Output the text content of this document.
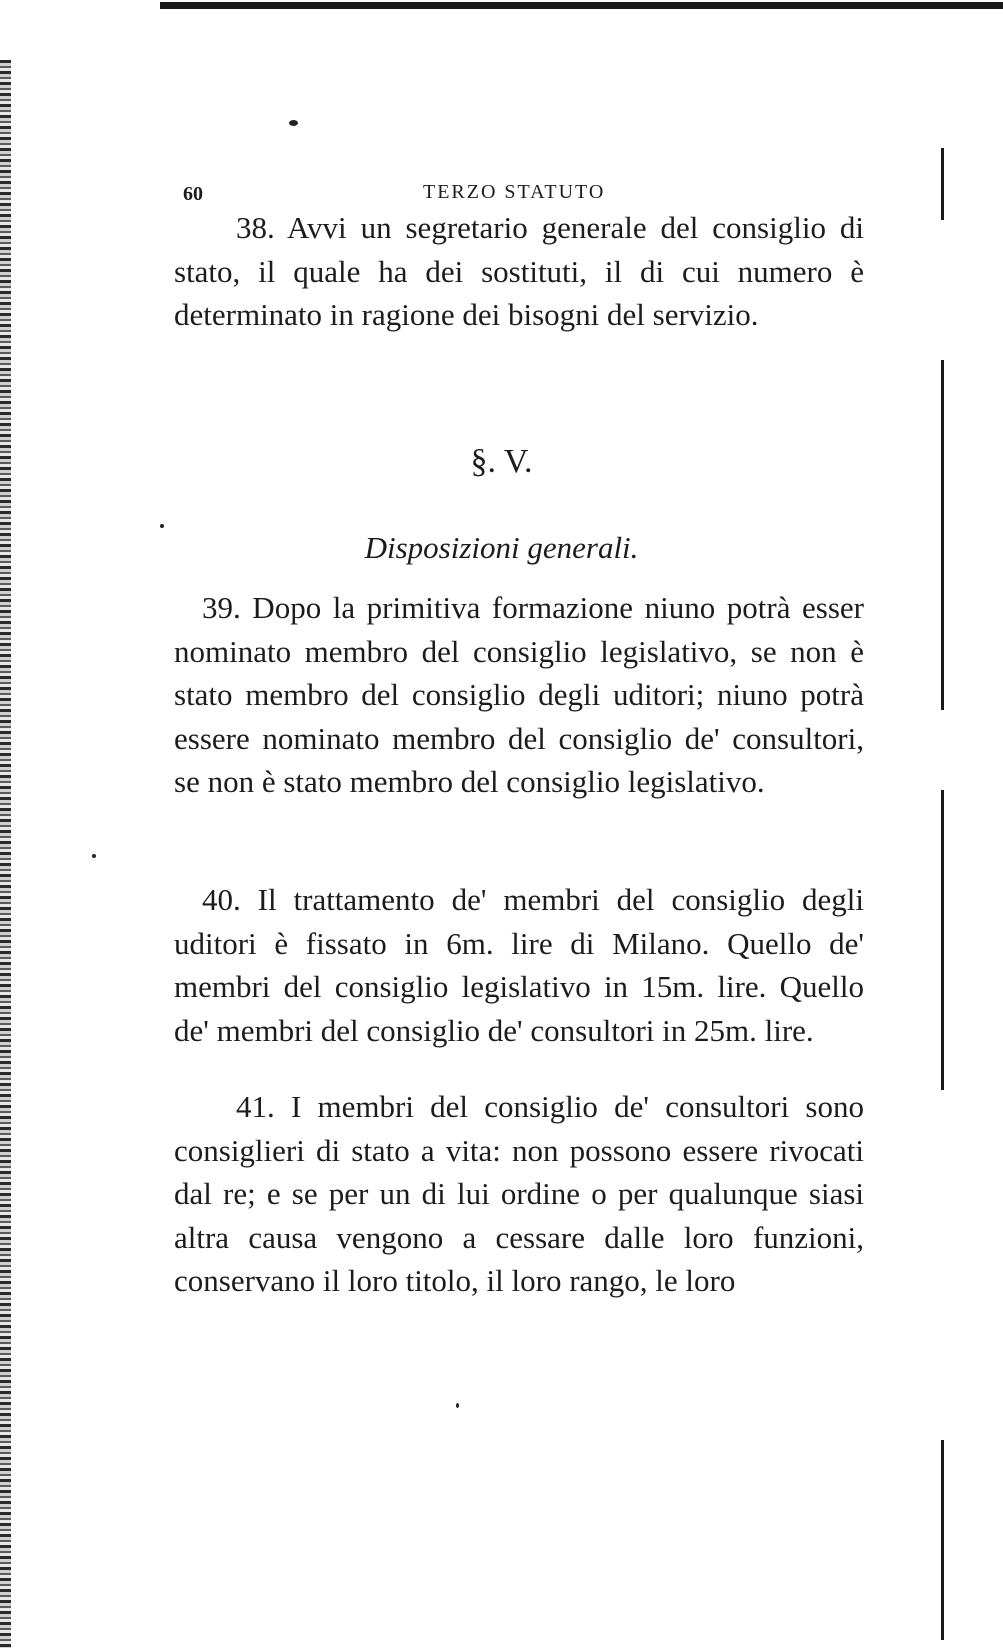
60	TERZO STATUTO

38. Avvi un segretario generale del consiglio di stato, il quale ha dei sostituti, il di cui numero è determinato in ragione dei bisogni del servizio.

§. V.
Disposizioni generali.

39. Dopo la primitiva formazione niuno potrà esser nominato membro del consiglio legislativo, se non è stato membro del consiglio degli uditori; niuno potrà essere nominato membro del consiglio de' consultori, se non è stato membro del consiglio legislativo.

40. Il trattamento de' membri del consiglio degli uditori è fissato in 6m. lire di Milano. Quello de' membri del consiglio legislativo in 15m. lire. Quello de' membri del consiglio de' consultori in 25m. lire.

41. I membri del consiglio de' consultori sono consiglieri di stato a vita: non possono essere rivocati dal re; e se per un di lui ordine o per qualunque siasi altra causa vengono a cessare dalle loro funzioni, conservano il loro titolo, il loro rango, le loro
